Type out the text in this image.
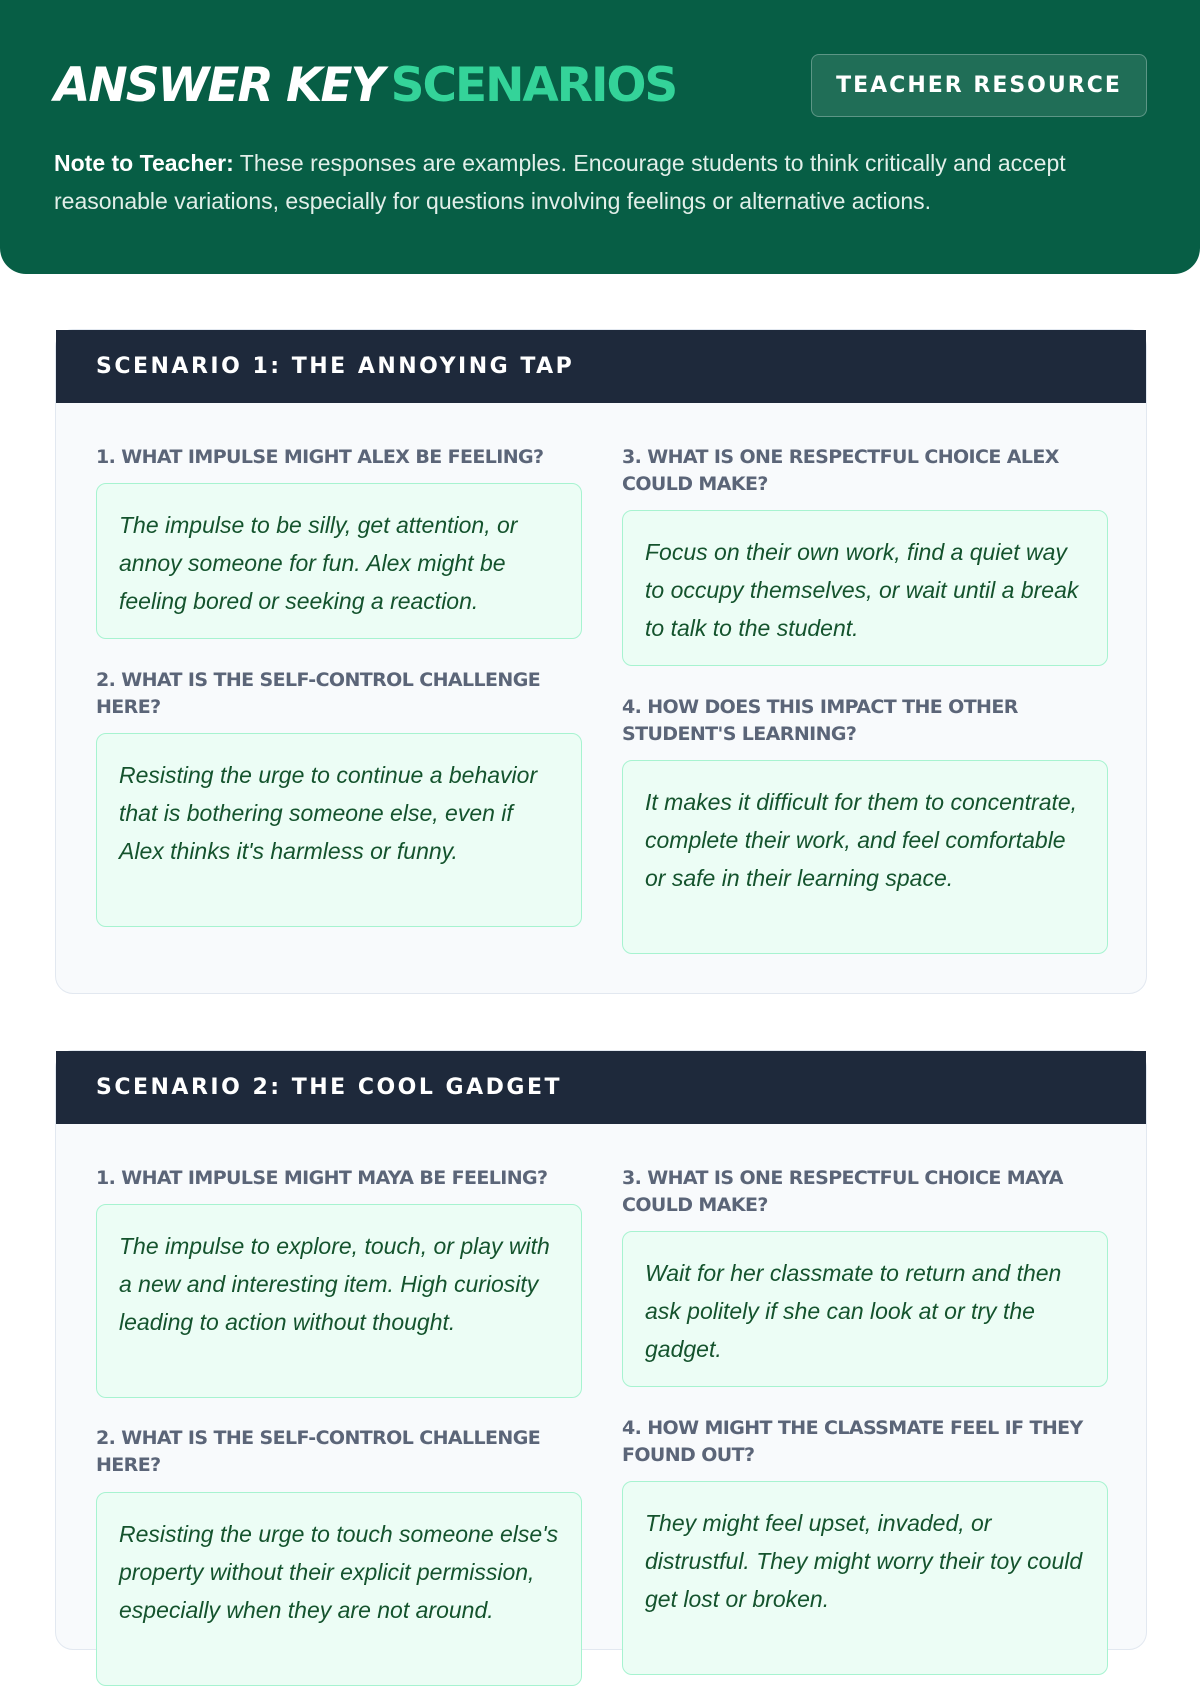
ANSWER KEY SCENARIOS	TEACHER RESOURCE

Note to Teacher: These responses are examples. Encourage students to think critically and accept reasonable variations, especially for questions involving feelings or alternative actions.

SCENARIO 1: THE ANNOYING TAP
1. WHAT IMPULSE MIGHT ALEX BE FEELING?
The impulse to be silly, get attention, or annoy someone for fun. Alex might be feeling bored or seeking a reaction.
2. WHAT IS THE SELF-CONTROL CHALLENGE HERE?
Resisting the urge to continue a behavior that is bothering someone else, even if Alex thinks it's harmless or funny.
3. WHAT IS ONE RESPECTFUL CHOICE ALEX COULD MAKE?
Focus on their own work, find a quiet way to occupy themselves, or wait until a break to talk to the student.
4. HOW DOES THIS IMPACT THE OTHER STUDENT'S LEARNING?
It makes it difficult for them to concentrate, complete their work, and feel comfortable or safe in their learning space.
SCENARIO 2: THE COOL GADGET
1. WHAT IMPULSE MIGHT MAYA BE FEELING?
The impulse to explore, touch, or play with a new and interesting item. High curiosity leading to action without thought.
2. WHAT IS THE SELF-CONTROL CHALLENGE HERE?
Resisting the urge to touch someone else's property without their explicit permission, especially when they are not around.
3. WHAT IS ONE RESPECTFUL CHOICE MAYA COULD MAKE?
Wait for her classmate to return and then ask politely if she can look at or try the gadget.
4. HOW MIGHT THE CLASSMATE FEEL IF THEY FOUND OUT?
They might feel upset, invaded, or distrustful. They might worry their toy could get lost or broken.
